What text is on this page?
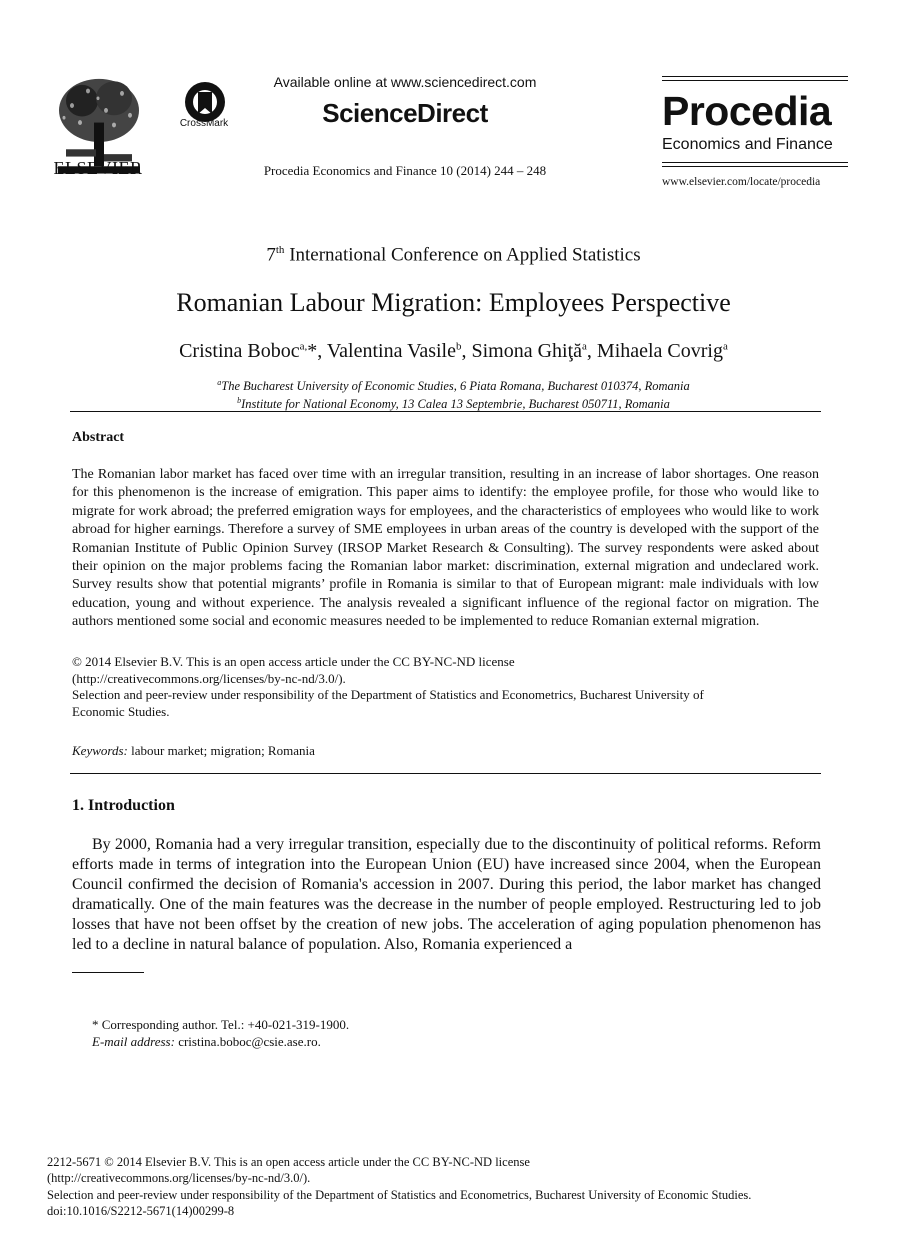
ELSEVIER
CrossMark
Available online at www.sciencedirect.com
ScienceDirect
Procedia Economics and Finance 10 (2014) 244 – 248
Procedia
Economics and Finance
www.elsevier.com/locate/procedia
7th International Conference on Applied Statistics
Romanian Labour Migration: Employees Perspective
Cristina Boboc$^{a,}$*, Valentina Vasile$^b$, Simona Ghiţă$^a$, Mihaela Covrig$^a$
$^a$The Bucharest University of Economic Studies, 6 Piata Romana, Bucharest 010374, Romania
$^b$Institute for National Economy, 13 Calea 13 Septembrie, Bucharest 050711, Romania
Abstract
The Romanian labor market has faced over time with an irregular transition, resulting in an increase of labor shortages. One reason for this phenomenon is the increase of emigration. This paper aims to identify: the employee profile, for those who would like to migrate for work abroad; the preferred emigration ways for employees, and the characteristics of employees who would like to work abroad for higher earnings. Therefore a survey of SME employees in urban areas of the country is developed with the support of the Romanian Institute of Public Opinion Survey (IRSOP Market Research & Consulting). The survey respondents were asked about their opinion on the major problems facing the Romanian labor market: discrimination, external migration and undeclared work. Survey results show that potential migrants’ profile in Romania is similar to that of European migrant: male individuals with low education, young and without experience. The analysis revealed a significant influence of the regional factor on migration. The authors mentioned some social and economic measures needed to be implemented to reduce Romanian external migration.
© 2014 Elsevier B.V. This is an open access article under the CC BY-NC-ND license
(http://creativecommons.org/licenses/by-nc-nd/3.0/).
Selection and peer-review under responsibility of the Department of Statistics and Econometrics, Bucharest University of
Economic Studies.
Keywords: labour market; migration; Romania
1. Introduction
By 2000, Romania had a very irregular transition, especially due to the discontinuity of political reforms. Reform efforts made in terms of integration into the European Union (EU) have increased since 2004, when the European Council confirmed the decision of Romania's accession in 2007. During this period, the labor market has changed dramatically. One of the main features was the decrease in the number of people employed. Restructuring led to job losses that have not been offset by the creation of new jobs. The acceleration of aging population phenomenon has led to a decline in natural balance of population. Also, Romania experienced a
* Corresponding author. Tel.: +40-021-319-1900.
E-mail address: cristina.boboc@csie.ase.ro.
2212-5671 © 2014 Elsevier B.V. This is an open access article under the CC BY-NC-ND license
(http://creativecommons.org/licenses/by-nc-nd/3.0/).
Selection and peer-review under responsibility of the Department of Statistics and Econometrics, Bucharest University of Economic Studies.
doi:10.1016/S2212-5671(14)00299-8
